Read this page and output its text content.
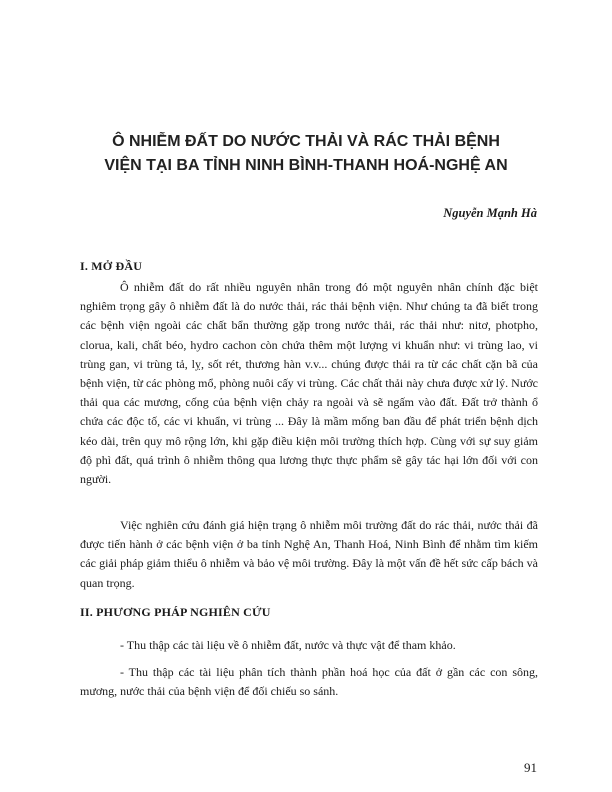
Ô NHIỄM ĐẤT DO NƯỚC THẢI VÀ RÁC THẢI BỆNH
VIỆN TẠI BA TỈNH NINH BÌNH-THANH HOÁ-NGHỆ AN
Nguyễn Mạnh Hà
I. MỞ ĐẦU
Ô nhiễm đất do rất nhiều nguyên nhân trong đó một nguyên nhân chính đặc biệt nghiêm trọng gây ô nhiễm đất là do nước thải, rác thải bệnh viện. Như chúng ta đã biết trong các bệnh viện ngoài các chất bẩn thường gặp trong nước thải, rác thải như: nitơ, photpho, clorua, kali, chất béo, hydro cachon còn chứa thêm một lượng vi khuẩn như: vi trùng lao, vi trùng gan, vi trùng tả, lỵ, sốt rét, thương hàn v.v... chúng được thải ra từ các chất cặn bã của bệnh viện, từ các phòng mổ, phòng nuôi cấy vi trùng. Các chất thải này chưa được xử lý. Nước thải qua các mương, cống của bệnh viện chảy ra ngoài và sẽ ngấm vào đất. Đất trở thành ổ chứa các độc tố, các vi khuẩn, vi trùng ... Đây là mầm mống ban đầu để phát triển bệnh dịch kéo dài, trên quy mô rộng lớn, khi gặp điều kiện môi trường thích hợp. Cùng với sự suy giảm độ phì đất, quá trình ô nhiễm thông qua lương thực thực phẩm sẽ gây tác hại lớn đối với con người.
Việc nghiên cứu đánh giá hiện trạng ô nhiễm môi trường đất do rác thải, nước thải đã được tiến hành ở các bệnh viện ở ba tỉnh Nghệ An, Thanh Hoá, Ninh Bình để nhằm tìm kiếm các giải pháp giảm thiểu ô nhiễm và bảo vệ môi trường. Đây là một vấn đề hết sức cấp bách và quan trọng.
II. PHƯƠNG PHÁP NGHIÊN CỨU
- Thu thập các tài liệu về ô nhiễm đất, nước và thực vật để tham khảo.
- Thu thập các tài liệu phân tích thành phần hoá học của đất ở gần các con sông, mương, nước thải của bệnh viện để đối chiếu so sánh.
91
